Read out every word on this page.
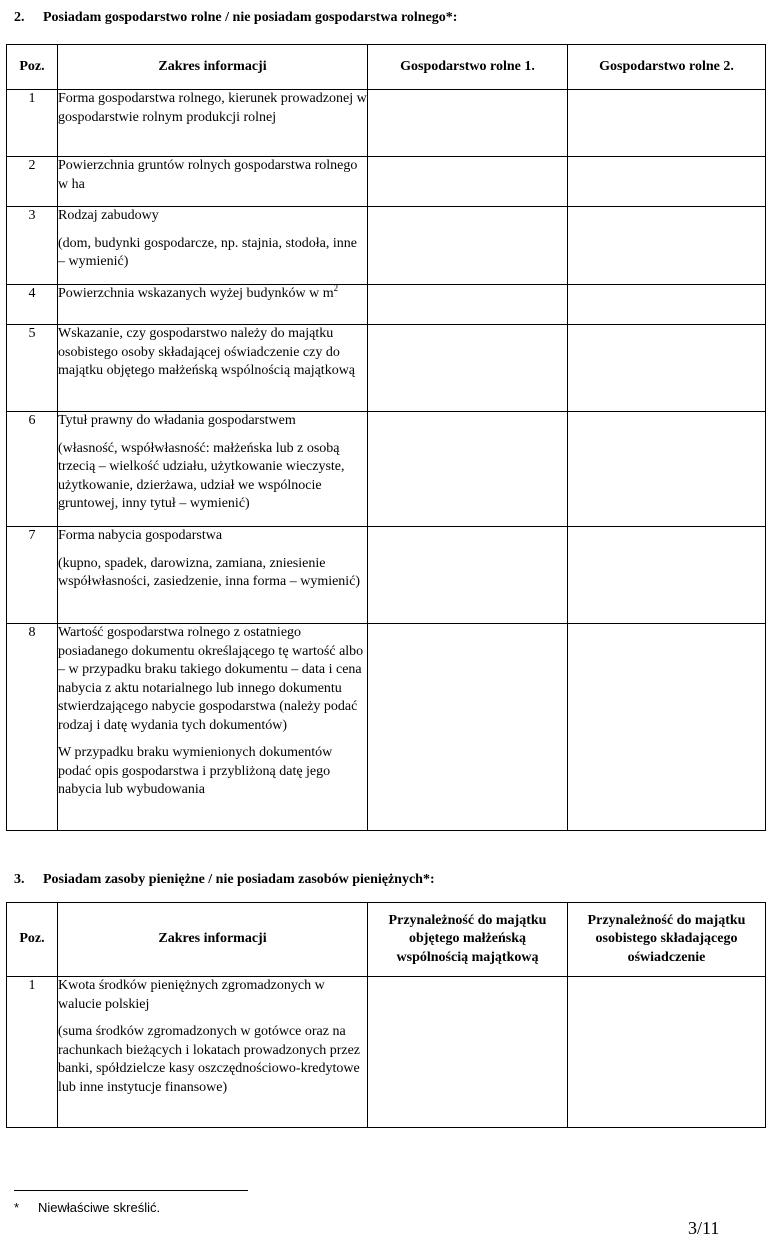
2. Posiadam gospodarstwo rolne / nie posiadam gospodarstwa rolnego*:
Poz.	Zakres informacji	Gospodarstwo rolne 1.	Gospodarstwo rolne 2.
1	Forma gospodarstwa rolnego, kierunek prowadzonej w gospodarstwie rolnym produkcji rolnej		

2	Powierzchnia gruntów rolnych gospodarstwa rolnego w ha		

3	Rodzaj zabudowy

(dom, budynki gospodarcze, np. stajnia, stodoła, inne – wymienić)		

4	Powierzchnia wskazanych wyżej budynków w $m^2$

5	Wskazanie, czy gospodarstwo należy do majątku osobistego osoby składającej oświadczenie czy do majątku objętego małżeńską wspólnością majątkową		

6	Tytuł prawny do władania gospodarstwem

(własność, współwłasność: małżeńska lub z osobą trzecią – wielkość udziału, użytkowanie wieczyste, użytkowanie, dzierżawa, udział we wspólnocie gruntowej, inny tytuł – wymienić)		

7	Forma nabycia gospodarstwa

(kupno, spadek, darowizna, zamiana, zniesienie współwłasności, zasiedzenie, inna forma – wymienić)		

8	Wartość gospodarstwa rolnego z ostatniego posiadanego dokumentu określającego tę wartość albo – w przypadku braku takiego dokumentu – data i cena nabycia z aktu notarialnego lub innego dokumentu stwierdzającego nabycie gospodarstwa (należy podać rodzaj i datę wydania tych dokumentów)

W przypadku braku wymienionych dokumentów podać opis gospodarstwa i przybliżoną datę jego nabycia lub wybudowania		

3. Posiadam zasoby pieniężne / nie posiadam zasobów pieniężnych*:
Poz.	Zakres informacji	Przynależność do majątku objętego małżeńską wspólnością majątkową	Przynależność do majątku osobistego składającego oświadczenie
1	Kwota środków pieniężnych zgromadzonych w walucie polskiej

(suma środków zgromadzonych w gotówce oraz na rachunkach bieżących i lokatach prowadzonych przez banki, spółdzielcze kasy oszczędnościowo-kredytowe lub inne instytucje finansowe)		

* Niewłaściwe skreślić.
3/11
